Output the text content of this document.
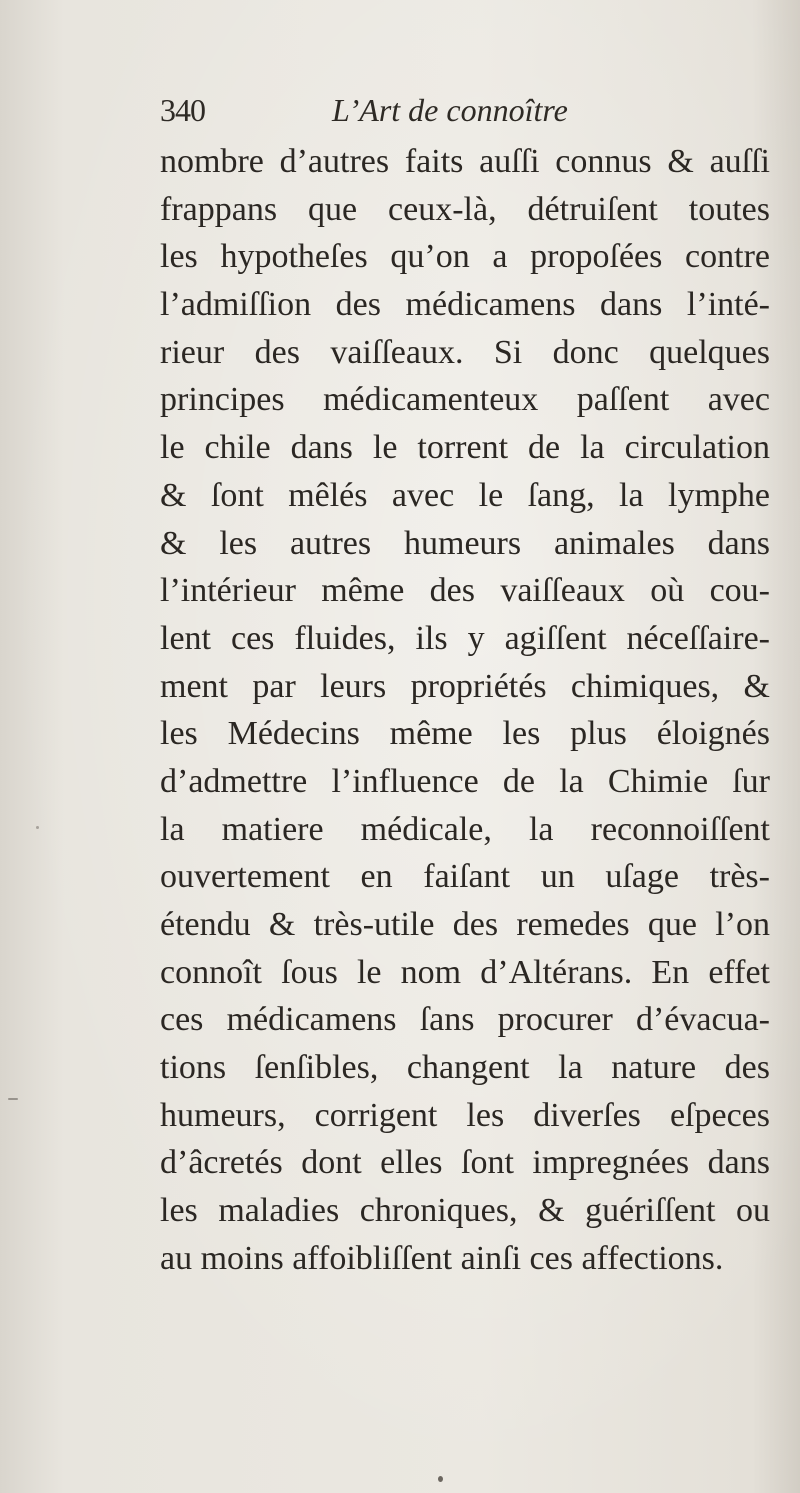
340	L’Art de connoître
nombre d’autres faits auſſi connus & auſſi
frappans que ceux-là, détruiſent toutes
les hypotheſes qu’on a propoſées contre
l’admiſſion des médicamens dans l’inté-
rieur des vaiſſeaux. Si donc quelques
principes médicamenteux paſſent avec
le chile dans le torrent de la circulation
& ſont mêlés avec le ſang, la lymphe
& les autres humeurs animales dans
l’intérieur même des vaiſſeaux où cou-
lent ces fluides, ils y agiſſent néceſſaire-
ment par leurs propriétés chimiques, &
les Médecins même les plus éloignés
d’admettre l’influence de la Chimie ſur
la matiere médicale, la reconnoiſſent
ouvertement en faiſant un uſage très-
étendu & très-utile des remedes que l’on
connoît ſous le nom d’Altérans. En effet
ces médicamens ſans procurer d’évacua-
tions ſenſibles, changent la nature des
humeurs, corrigent les diverſes eſpeces
d’âcretés dont elles ſont impregnées dans
les maladies chroniques, & guériſſent ou
au moins affoibliſſent ainſi ces affections.
